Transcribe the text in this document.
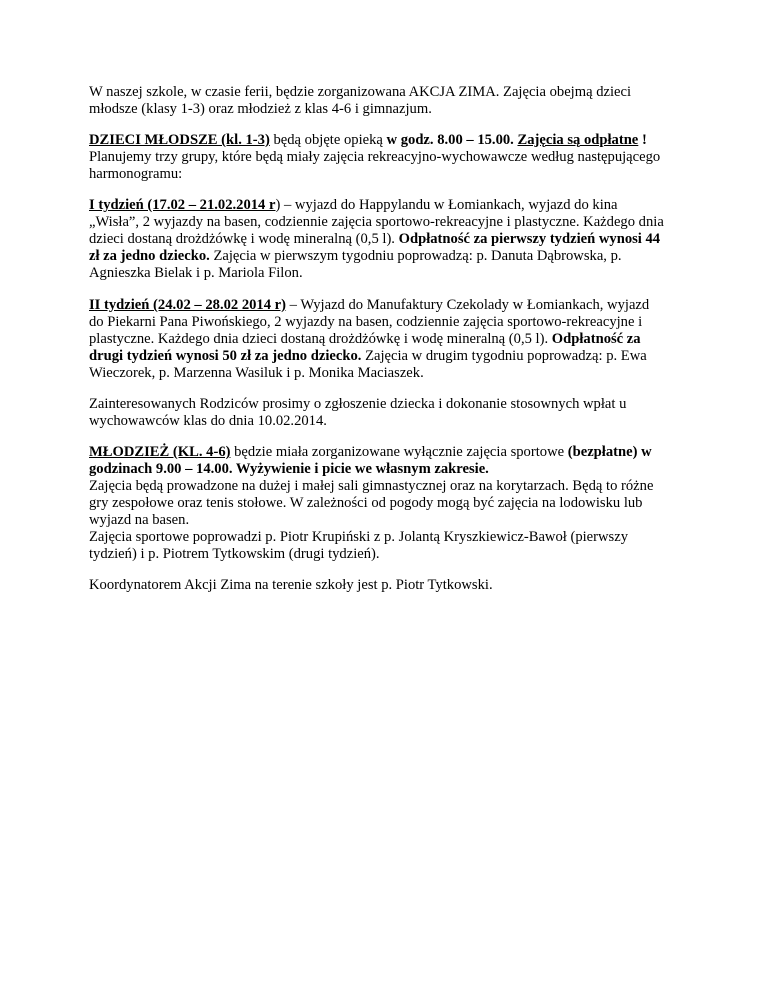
W naszej szkole, w czasie ferii, będzie zorganizowana AKCJA ZIMA. Zajęcia obejmą dzieci
młodsze (klasy 1-3) oraz młodzież z klas 4-6 i gimnazjum.
DZIECI MŁODSZE (kl. 1-3) będą objęte opieką w godz. 8.00 – 15.00. Zajęcia są odpłatne !
Planujemy trzy grupy, które będą miały zajęcia rekreacyjno-wychowawcze według następującego
harmonogramu:
I tydzień (17.02 – 21.02.2014 r) – wyjazd do Happylandu w Łomiankach, wyjazd do kina
„Wisła”, 2 wyjazdy na basen, codziennie zajęcia sportowo-rekreacyjne i plastyczne. Każdego dnia
dzieci dostaną drożdżówkę i wodę mineralną (0,5 l). Odpłatność za pierwszy tydzień wynosi 44
zł za jedno dziecko. Zajęcia w pierwszym tygodniu poprowadzą: p. Danuta Dąbrowska, p.
Agnieszka Bielak i p. Mariola Filon.
II tydzień (24.02 – 28.02 2014 r) – Wyjazd do Manufaktury Czekolady w Łomiankach, wyjazd
do Piekarni Pana Piwońskiego, 2 wyjazdy na basen, codziennie zajęcia sportowo-rekreacyjne i
plastyczne. Każdego dnia dzieci dostaną drożdżówkę i wodę mineralną (0,5 l). Odpłatność za
drugi tydzień wynosi 50 zł za jedno dziecko. Zajęcia w drugim tygodniu poprowadzą: p. Ewa
Wieczorek, p. Marzenna Wasiluk i p. Monika Maciaszek.
Zainteresowanych Rodziców prosimy o zgłoszenie dziecka i dokonanie stosownych wpłat u
wychowawców klas do dnia 10.02.2014.
MŁODZIEŻ (KL. 4-6) będzie miała zorganizowane wyłącznie zajęcia sportowe (bezpłatne) w
godzinach 9.00 – 14.00. Wyżywienie i picie we własnym zakresie.
Zajęcia będą prowadzone na dużej i małej sali gimnastycznej oraz na korytarzach. Będą to różne
gry zespołowe oraz tenis stołowe. W zależności od pogody mogą być zajęcia na lodowisku lub
wyjazd na basen.
Zajęcia sportowe poprowadzi p. Piotr Krupiński z p. Jolantą Kryszkiewicz-Bawoł (pierwszy
tydzień) i p. Piotrem Tytkowskim (drugi tydzień).
Koordynatorem Akcji Zima na terenie szkoły jest p. Piotr Tytkowski.
